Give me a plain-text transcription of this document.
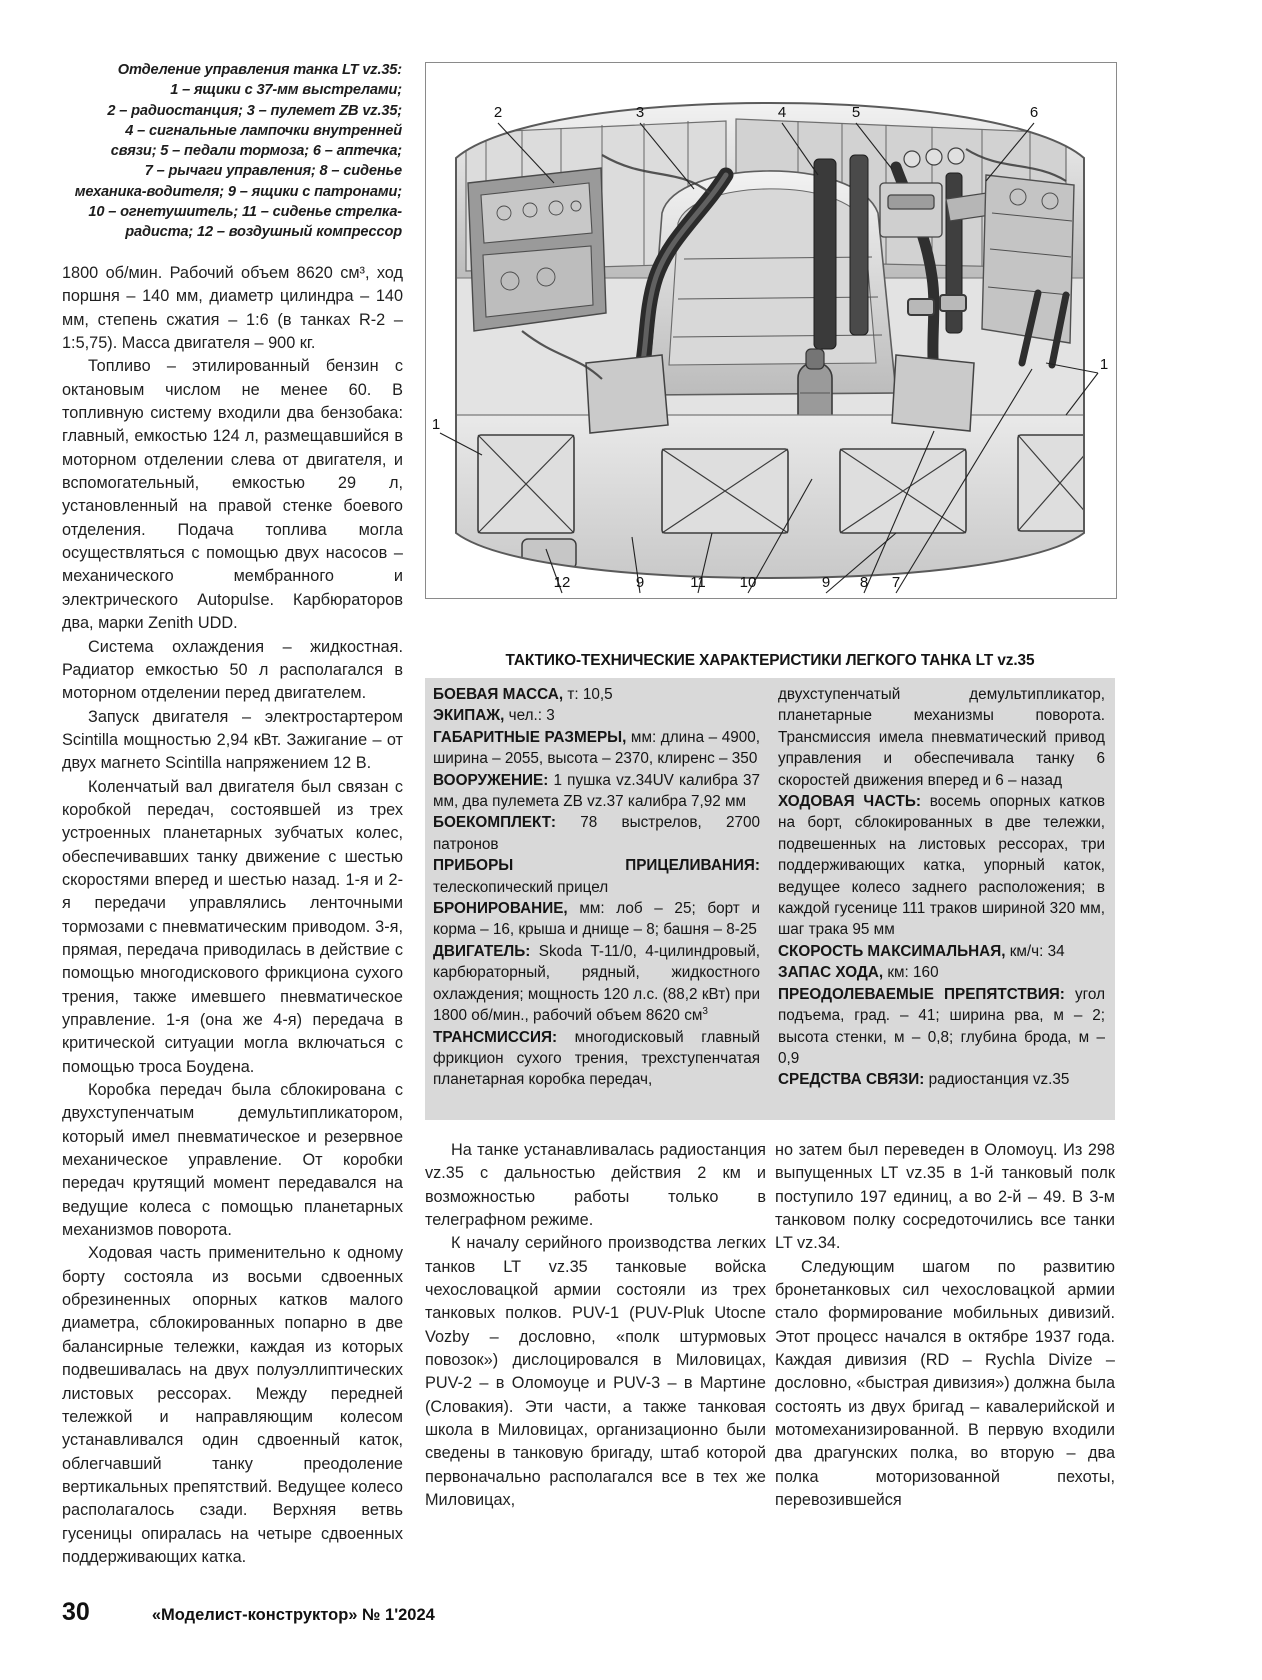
Отделение управления танка LT vz.35:
1 – ящики с 37-мм выстрелами;
2 – радиостанция; 3 – пулемет ZB vz.35;
4 – сигнальные лампочки внутренней
связи; 5 – педали тормоза; 6 – аптечка;
7 – рычаги управления; 8 – сиденье
механика-водителя; 9 – ящики с патронами;
10 – огнетушитель; 11 – сиденье стрелка-
радиста; 12 – воздушный компрессор

1800 об/мин. Рабочий объем 8620 см³, ход поршня – 140 мм, диаметр цилиндра – 140 мм, степень сжатия – 1:6 (в танках R-2 – 1:5,75). Масса двигателя – 900 кг.

Топливо – этилированный бензин с октановым числом не менее 60. В топливную систему входили два бензобака: главный, емкостью 124 л, размещавшийся в моторном отделении слева от двигателя, и вспомогательный, емкостью 29 л, установленный на правой стенке боевого отделения. Подача топлива могла осуществляться с помощью двух насосов – механического мембранного и электрического Autopulse. Карбюраторов два, марки Zenith UDD.

Система охлаждения – жидкостная. Радиатор емкостью 50 л располагался в моторном отделении перед двигателем.

Запуск двигателя – электростартером Scintilla мощностью 2,94 кВт. Зажигание – от двух магнето Scintilla напряжением 12 В.

Коленчатый вал двигателя был связан с коробкой передач, состоявшей из трех устроенных планетарных зубчатых колес, обеспечивавших танку движение с шестью скоростями вперед и шестью назад. 1-я и 2-я передачи управлялись ленточными тормозами с пневматическим приводом. 3-я, прямая, передача приводилась в действие с помощью многодискового фрикциона сухого трения, также имевшего пневматическое управление. 1-я (она же 4-я) передача в критической ситуации могла включаться с помощью троса Боудена.

Коробка передач была сблокирована с двухступенчатым демультипликатором, который имел пневматическое и резервное механическое управление. От коробки передач крутящий момент передавался на ведущие колеса с помощью планетарных механизмов поворота.

Ходовая часть применительно к одному борту состояла из восьми сдвоенных обрезиненных опорных катков малого диаметра, сблокированных попарно в две балансирные тележки, каждая из которых подвешивалась на двух полуэллиптических листовых рессорах. Между передней тележкой и направляющим колесом устанавливался один сдвоенный каток, облегчавший танку преодоление вертикальных препятствий. Ведущее колесо располагалось сзади. Верхняя ветвь гусеницы опиралась на четыре сдвоенных поддерживающих катка.

2	3	4	5	6
1
1
12	9	11 10	9 8 7
ТАКТИКО-ТЕХНИЧЕСКИЕ ХАРАКТЕРИСТИКИ ЛЕГКОГО ТАНКА LT vz.35

БОЕВАЯ МАССА, т: 10,5

ЭКИПАЖ, чел.: 3

ГАБАРИТНЫЕ РАЗМЕРЫ, мм: длина – 4900, ширина – 2055, высота – 2370, клиренс – 350

ВООРУЖЕНИЕ: 1 пушка vz.34UV калибра 37 мм, два пулемета ZB vz.37 калибра 7,92 мм

БОЕКОМПЛЕКТ: 78 выстрелов, 2700 патронов

ПРИБОРЫ ПРИЦЕЛИВАНИЯ: телескопический прицел

БРОНИРОВАНИЕ, мм: лоб – 25; борт и корма – 16, крыша и днище – 8; башня – 8-25

ДВИГАТЕЛЬ: Skoda T-11/0, 4-цилиндровый, карбюраторный, рядный, жидкостного охлаждения; мощность 120 л.с. (88,2 кВт) при 1800 об/мин., рабочий объем 8620 $см^3$

ТРАНСМИССИЯ: многодисковый главный фрикцион сухого трения, трехступенчатая планетарная коробка передач,

двухступенчатый демультипликатор, планетарные механизмы поворота. Трансмиссия имела пневматический привод управления и обеспечивала танку 6 скоростей движения вперед и 6 – назад

ХОДОВАЯ ЧАСТЬ: восемь опорных катков на борт, сблокированных в две тележки, подвешенных на листовых рессорах, три поддерживающих катка, упорный каток, ведущее колесо заднего расположения; в каждой гусенице 111 траков шириной 320 мм, шаг трака 95 мм

СКОРОСТЬ МАКСИМАЛЬНАЯ, км/ч: 34

ЗАПАС ХОДА, км: 160

ПРЕОДОЛЕВАЕМЫЕ ПРЕПЯТСТВИЯ: угол подъема, град. – 41; ширина рва, м – 2; высота стенки, м – 0,8; глубина брода, м – 0,9

СРЕДСТВА СВЯЗИ: радиостанция vz.35

На танке устанавливалась радиостанция vz.35 с дальностью действия 2 км и возможностью работы только в телеграфном режиме.

К началу серийного производства легких танков LT vz.35 танковые войска чехословацкой армии состояли из трех танковых полков. PUV-1 (PUV-Pluk Utocne Vozby – дословно, «полк штурмовых повозок») дислоцировался в Миловицах, PUV-2 – в Оломоуце и PUV-3 – в Мартине (Словакия). Эти части, а также танковая школа в Миловицах, организационно были сведены в танковую бригаду, штаб которой первоначально располагался все в тех же Миловицах,

но затем был переведен в Оломоуц. Из 298 выпущенных LT vz.35 в 1-й танковый полк поступило 197 единиц, а во 2-й – 49. В 3-м танковом полку сосредоточились все танки LT vz.34.

Следующим шагом по развитию бронетанковых сил чехословацкой армии стало формирование мобильных дивизий. Этот процесс начался в октябре 1937 года. Каждая дивизия (RD – Rychla Divize – дословно, «быстрая дивизия») должна была состоять из двух бригад – кавалерийской и мотомеханизированной. В первую входили два драгунских полка, во вторую – два полка моторизованной пехоты, перевозившейся

30	«Моделист-конструктор» № 1'2024
